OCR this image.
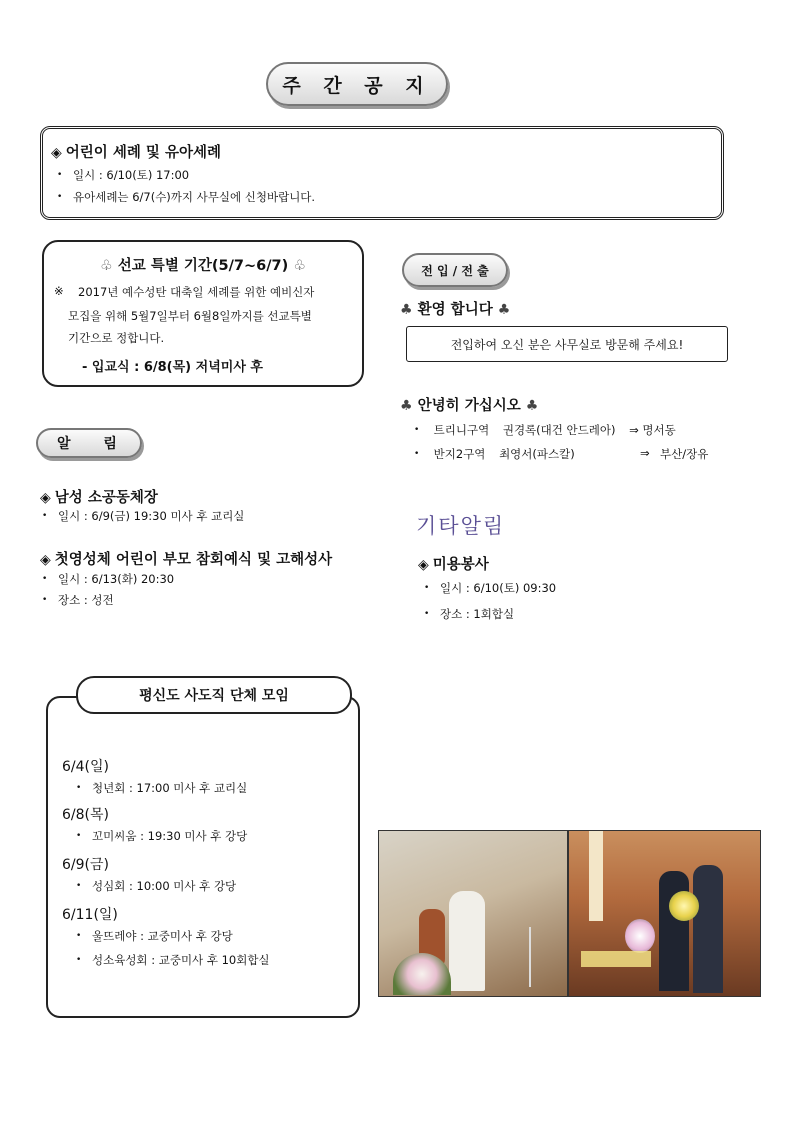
주 간 공 지
◈ 어린이 세례 및 유아세례
• 일시 : 6/10(토) 17:00
• 유아세례는 6/7(수)까지 사무실에 신청바랍니다.
♧ 선교 특별 기간(5/7~6/7) ♧
※ 2017년 예수성탄 대축일 세례를 위한 예비신자
모집을 위해 5월7일부터 6월8일까지를 선교특별
기간으로 정합니다.
- 입교식 : 6/8(목) 저녁미사 후
전 입 / 전 출
♣ 환영 합니다 ♣
전입하여 오신 분은 사무실로 방문해 주세요!
♣ 안녕히 가십시오 ♣
• 트리니구역 권경록(대건 안드레아) ⇒ 명서동
• 반지2구역 최영서(파스칼)	⇒ 부산/장유
알 림
◈ 남성 소공동체장
• 일시 : 6/9(금) 19:30 미사 후 교리실
◈ 첫영성체 어린이 부모 참회예식 및 고해성사
• 일시 : 6/13(화) 20:30
• 장소 : 성전
기타알림
◈ 미용봉사
• 일시 : 6/10(토) 09:30
• 장소 : 1회합실
6/4(일)
• 청년회 : 17:00 미사 후 교리실
6/8(목)
• 꼬미씨움 : 19:30 미사 후 강당
6/9(금)
• 성심회 : 10:00 미사 후 강당
6/11(일)
• 울뜨레야 : 교중미사 후 강당
• 성소육성회 : 교중미사 후 10회합실
평신도 사도직 단체 모임
